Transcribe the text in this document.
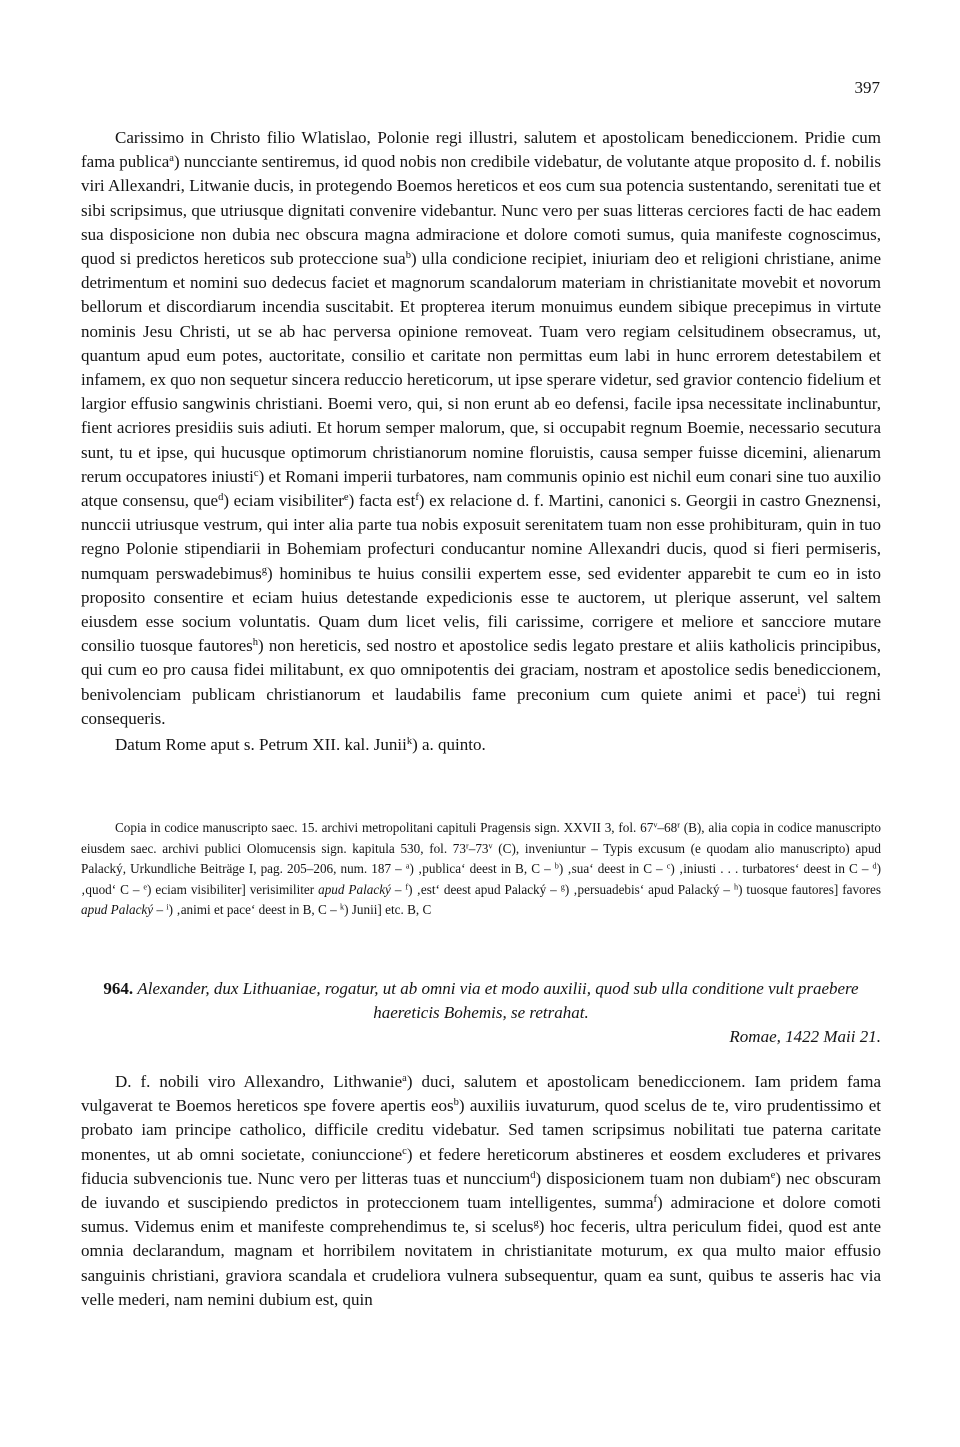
397

Carissimo in Christo filio Wlatislao, Polonie regi illustri, salutem et apostolicam benediccionem. Pridie cum fama publica$^a$) nuncciante sentiremus, id quod nobis non credibile videbatur, de volutante atque proposito d. f. nobilis viri Allexandri, Litwanie ducis, in protegendo Boemos hereticos et eos cum sua potencia sustentando, serenitati tue et sibi scripsimus, que utriusque dignitati convenire videbantur. Nunc vero per suas litteras cerciores facti de hac eadem sua disposicione non dubia nec obscura magna admiracione et dolore comoti sumus, quia manifeste cognoscimus, quod si predictos hereticos sub proteccione sua$^b$) ulla condicione recipiet, iniuriam deo et religioni christiane, anime detrimentum et nomini suo dedecus faciet et magnorum scandalorum materiam in christianitate movebit et novorum bellorum et discordiarum incendia suscitabit. Et propterea iterum monuimus eundem sibique precepimus in virtute nominis Jesu Christi, ut se ab hac perversa opinione removeat. Tuam vero regiam celsitudinem obsecramus, ut, quantum apud eum potes, auctoritate, consilio et caritate non permittas eum labi in hunc errorem detestabilem et infamem, ex quo non sequetur sincera reduccio hereticorum, ut ipse sperare videtur, sed gravior contencio fidelium et largior effusio sangwinis christiani. Boemi vero, qui, si non erunt ab eo defensi, facile ipsa necessitate inclinabuntur, fient acriores presidiis suis adiuti. Et horum semper malorum, que, si occupabit regnum Boemie, necessario secutura sunt, tu et ipse, qui hucusque optimorum christianorum nomine floruistis, causa semper fuisse dicemini, alienarum rerum occupatores iniusti$^c$) et Romani imperii turbatores, nam communis opinio est nichil eum conari sine tuo auxilio atque consensu, que$^d$) eciam visibiliter$^e$) facta est$^f$) ex relacione d. f. Martini, canonici s. Georgii in castro Gneznensi, nunccii utriusque vestrum, qui inter alia parte tua nobis exposuit serenitatem tuam non esse prohibituram, quin in tuo regno Polonie stipendiarii in Bohemiam profecturi conducantur nomine Allexandri ducis, quod si fieri permiseris, numquam perswadebimus$^g$) hominibus te huius consilii expertem esse, sed evidenter apparebit te cum eo in isto proposito consentire et eciam huius detestande expedicionis esse te auctorem, ut plerique asserunt, vel saltem eiusdem esse socium voluntatis. Quam dum licet velis, fili carissime, corrigere et meliore et sancciore mutare consilio tuosque fautores$^h$) non hereticis, sed nostro et apostolice sedis legato prestare et aliis katholicis principibus, qui cum eo pro causa fidei militabunt, ex quo omnipotentis dei graciam, nostram et apostolice sedis benediccionem, benivolenciam publicam christianorum et laudabilis fame preconium cum quiete animi et pace$^i$) tui regni consequeris.

Datum Rome aput s. Petrum XII. kal. Junii$^k$) a. quinto.

Copia in codice manuscripto saec. 15. archivi metropolitani capituli Pragensis sign. XXVII 3, fol. 67$^v$–68$^r$ (B), alia copia in codice manuscripto eiusdem saec. archivi publici Olomucensis sign. kapitula 530, fol. 73$^r$–73$^v$ (C), inveniuntur – Typis excusum (e quodam alio manuscripto) apud Palacký, Urkundliche Beiträge I, pag. 205–206, num. 187 – $^a$) ‚publica‘ deest in B, C – $^b$) ‚sua‘ deest in C – $^c$) ‚iniusti . . . turbatores‘ deest in C – $^d$) ‚quod‘ C – $^e$) eciam visibiliter] verisimiliter apud Palacký – $^f$) ‚est‘ deest apud Palacký – $^g$) ‚persuadebis‘ apud Palacký – $^h$) tuosque fautores] favores apud Palacký – $^i$) ‚animi et pace‘ deest in B, C – $^k$) Junii] etc. B, C

964. Alexander, dux Lithuaniae, rogatur, ut ab omni via et modo auxilii, quod sub ulla conditione vult praebere haereticis Bohemis, se retrahat.

Romae, 1422 Maii 21.

D. f. nobili viro Allexandro, Lithwanie$^a$) duci, salutem et apostolicam benediccionem. Iam pridem fama vulgaverat te Boemos hereticos spe fovere apertis eos$^b$) auxiliis iuvaturum, quod scelus de te, viro prudentissimo et probato iam principe catholico, difficile creditu videbatur. Sed tamen scripsimus nobilitati tue paterna caritate monentes, ut ab omni societate, coniunccione$^c$) et federe hereticorum abstineres et eosdem excluderes et privares fiducia subvencionis tue. Nunc vero per litteras tuas et nunccium$^d$) disposicionem tuam non dubiam$^e$) nec obscuram de iuvando et suscipiendo predictos in proteccionem tuam intelligentes, summa$^f$) admiracione et dolore comoti sumus. Videmus enim et manifeste comprehendimus te, si scelus$^g$) hoc feceris, ultra periculum fidei, quod est ante omnia declarandum, magnam et horribilem novitatem in christianitate moturum, ex qua multo maior effusio sanguinis christiani, graviora scandala et crudeliora vulnera subsequentur, quam ea sunt, quibus te asseris hac via velle mederi, nam nemini dubium est, quin
